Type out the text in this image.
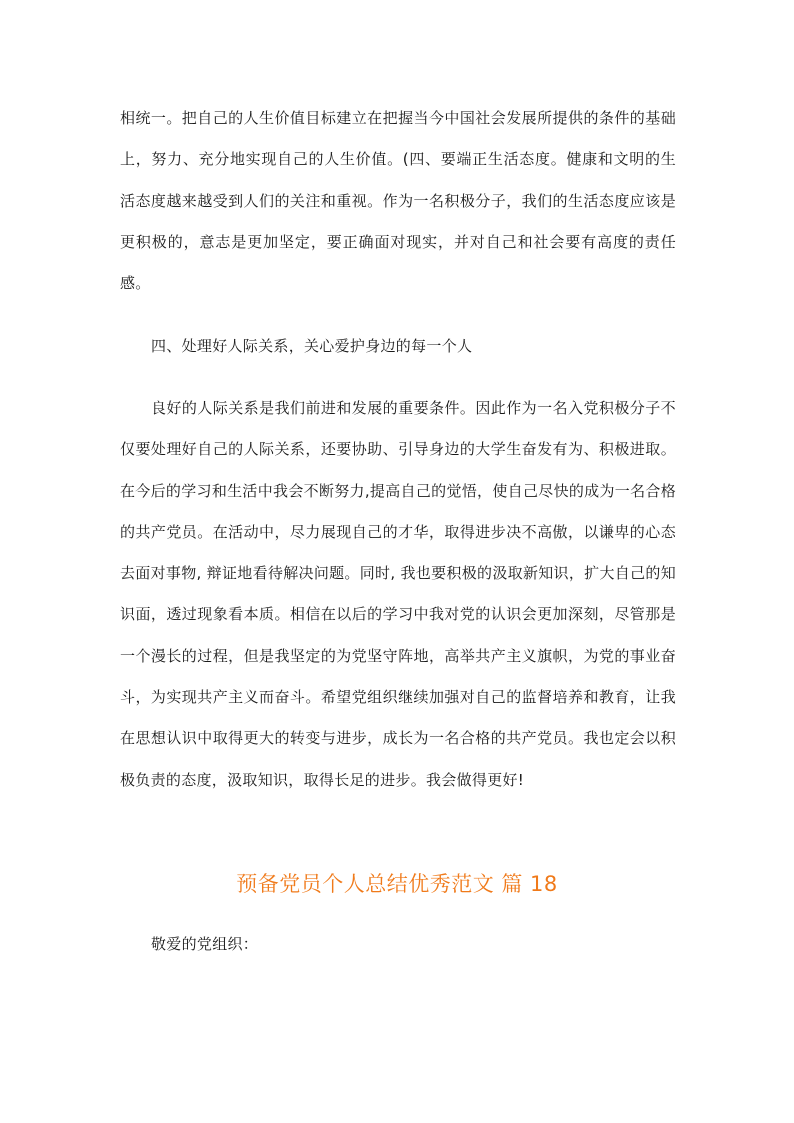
相统一。把自己的人生价值目标建立在把握当今中国社会发展所提供的条件的基础上，努力、充分地实现自己的人生价值。(四、要端正生活态度。健康和文明的生活态度越来越受到人们的关注和重视。作为一名积极分子，我们的生活态度应该是更积极的，意志是更加坚定，要正确面对现实，并对自己和社会要有高度的责任感。

四、处理好人际关系，关心爱护身边的每一个人

良好的人际关系是我们前进和发展的重要条件。因此作为一名入党积极分子不仅要处理好自己的人际关系，还要协助、引导身边的大学生奋发有为、积极进取。在今后的学习和生活中我会不断努力,提高自己的觉悟，使自己尽快的成为一名合格的共产党员。在活动中，尽力展现自己的才华，取得进步决不高傲，以谦卑的心态去面对事物, 辩证地看待解决问题。同时, 我也要积极的汲取新知识，扩大自己的知识面，透过现象看本质。相信在以后的学习中我对党的认识会更加深刻，尽管那是一个漫长的过程，但是我坚定的为党坚守阵地，高举共产主义旗帜，为党的事业奋斗，为实现共产主义而奋斗。希望党组织继续加强对自己的监督培养和教育，让我在思想认识中取得更大的转变与进步，成长为一名合格的共产党员。我也定会以积极负责的态度，汲取知识，取得长足的进步。我会做得更好!

预备党员个人总结优秀范文 篇 18

敬爱的党组织：
